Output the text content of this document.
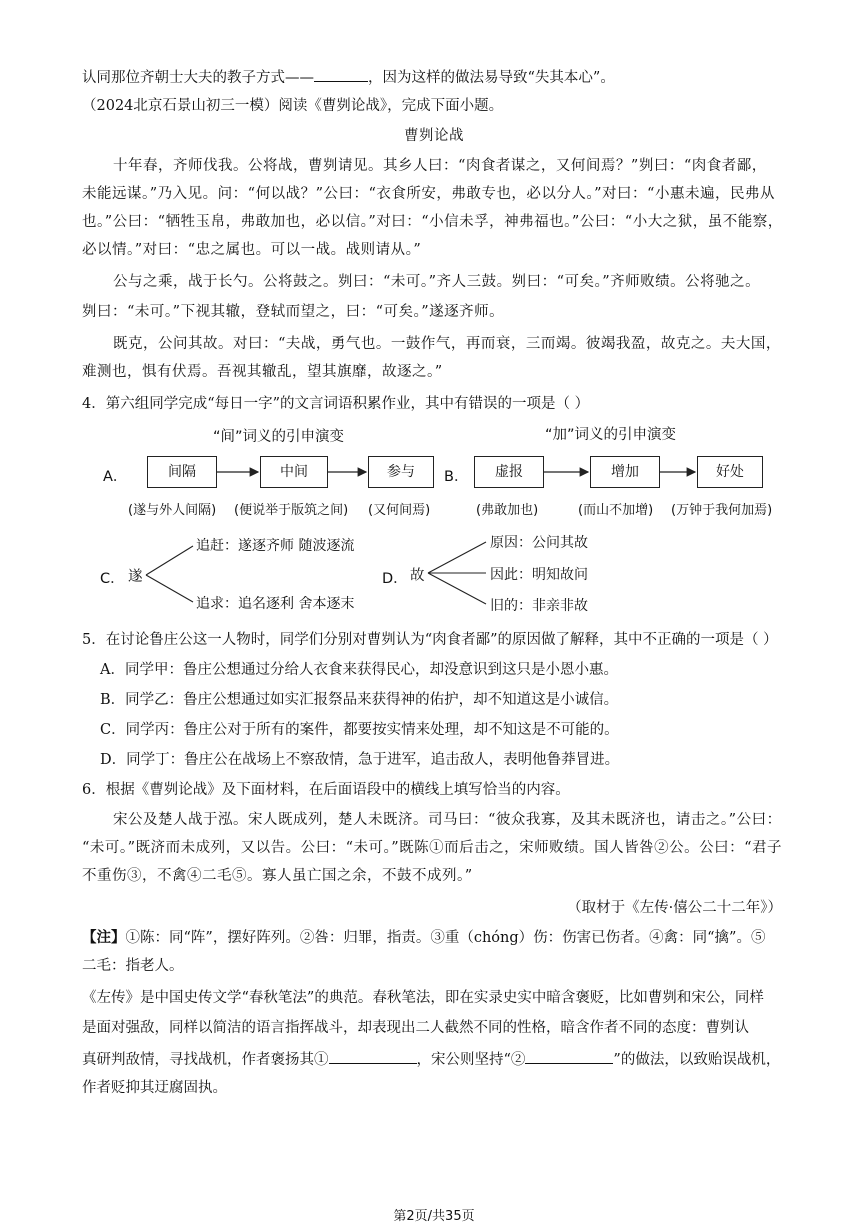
认同那位齐朝士大夫的教子方式——	，因为这样的做法易导致“失其本心”。
（2024北京石景山初三一模）阅读《曹刿论战》，完成下面小题。
曹刿论战
十年春，齐师伐我。公将战，曹刿请见。其乡人曰：“肉食者谋之，又何间焉？”刿曰：“肉食者鄙，
未能远谋。”乃入见。问：“何以战？”公曰：“衣食所安，弗敢专也，必以分人。”对曰：“小惠未遍，民弗从
也。”公曰：“牺牲玉帛，弗敢加也，必以信。”对曰：“小信未孚，神弗福也。”公曰：“小大之狱，虽不能察，
必以情。”对曰：“忠之属也。可以一战。战则请从。”
公与之乘，战于长勺。公将鼓之。刿曰：“未可。”齐人三鼓。刿曰：“可矣。”齐师败绩。公将驰之。
刿曰：“未可。”下视其辙，登轼而望之，曰：“可矣。”遂逐齐师。
既克，公问其故。对曰：“夫战，勇气也。一鼓作气，再而衰，三而竭。彼竭我盈，故克之。夫大国，
难测也，惧有伏焉。吾视其辙乱，望其旗靡，故逐之。”
4．第六组同学完成“每日一字”的文言词语积累作业，其中有错误的一项是（ ）
“间”词义的引申演变	“加”词义的引申演变
A．	间隔	中间	参与	B．	虚报	增加	好处
(遂与外人间隔) (便说举于版筑之间) (又何间焉)	(弗敢加也)	(而山不加增) (万钟于我何加焉)
C． 遂
追赶：遂逐齐师 随波逐流
追求：追名逐利 舍本逐末
D． 故
原因：公问其故
因此：明知故问
旧的：非亲非故
5．在讨论鲁庄公这一人物时，同学们分别对曹刿认为“肉食者鄙”的原因做了解释，其中不正确的一项是（ ）
A．同学甲：鲁庄公想通过分给人衣食来获得民心，却没意识到这只是小恩小惠。
B．同学乙：鲁庄公想通过如实汇报祭品来获得神的佑护，却不知道这是小诚信。
C．同学丙：鲁庄公对于所有的案件，都要按实情来处理，却不知这是不可能的。
D．同学丁：鲁庄公在战场上不察敌情，急于进军，追击敌人，表明他鲁莽冒进。
6．根据《曹刿论战》及下面材料，在后面语段中的横线上填写恰当的内容。
宋公及楚人战于泓。宋人既成列，楚人未既济。司马曰：“彼众我寡，及其未既济也，请击之。”公曰：
“未可。”既济而未成列，又以告。公曰：“未可。”既陈①而后击之，宋师败绩。国人皆咎②公。公曰：“君子
不重伤③，不禽④二毛⑤。寡人虽亡国之余，不鼓不成列。”
（取材于《左传·僖公二十二年》）
【注】①陈：同“阵”，摆好阵列。②咎：归罪，指责。③重（chóng）伤：伤害已伤者。④禽：同“擒”。⑤
二毛：指老人。
《左传》是中国史传文学“春秋笔法”的典范。春秋笔法，即在实录史实中暗含褒贬，比如曹刿和宋公，同样
是面对强敌，同样以简洁的语言指挥战斗，却表现出二人截然不同的性格，暗含作者不同的态度：曹刿认
真研判敌情，寻找战机，作者褒扬其①	，宋公则坚持“②	”的做法，以致贻误战机，
作者贬抑其迂腐固执。
第2页/共35页
